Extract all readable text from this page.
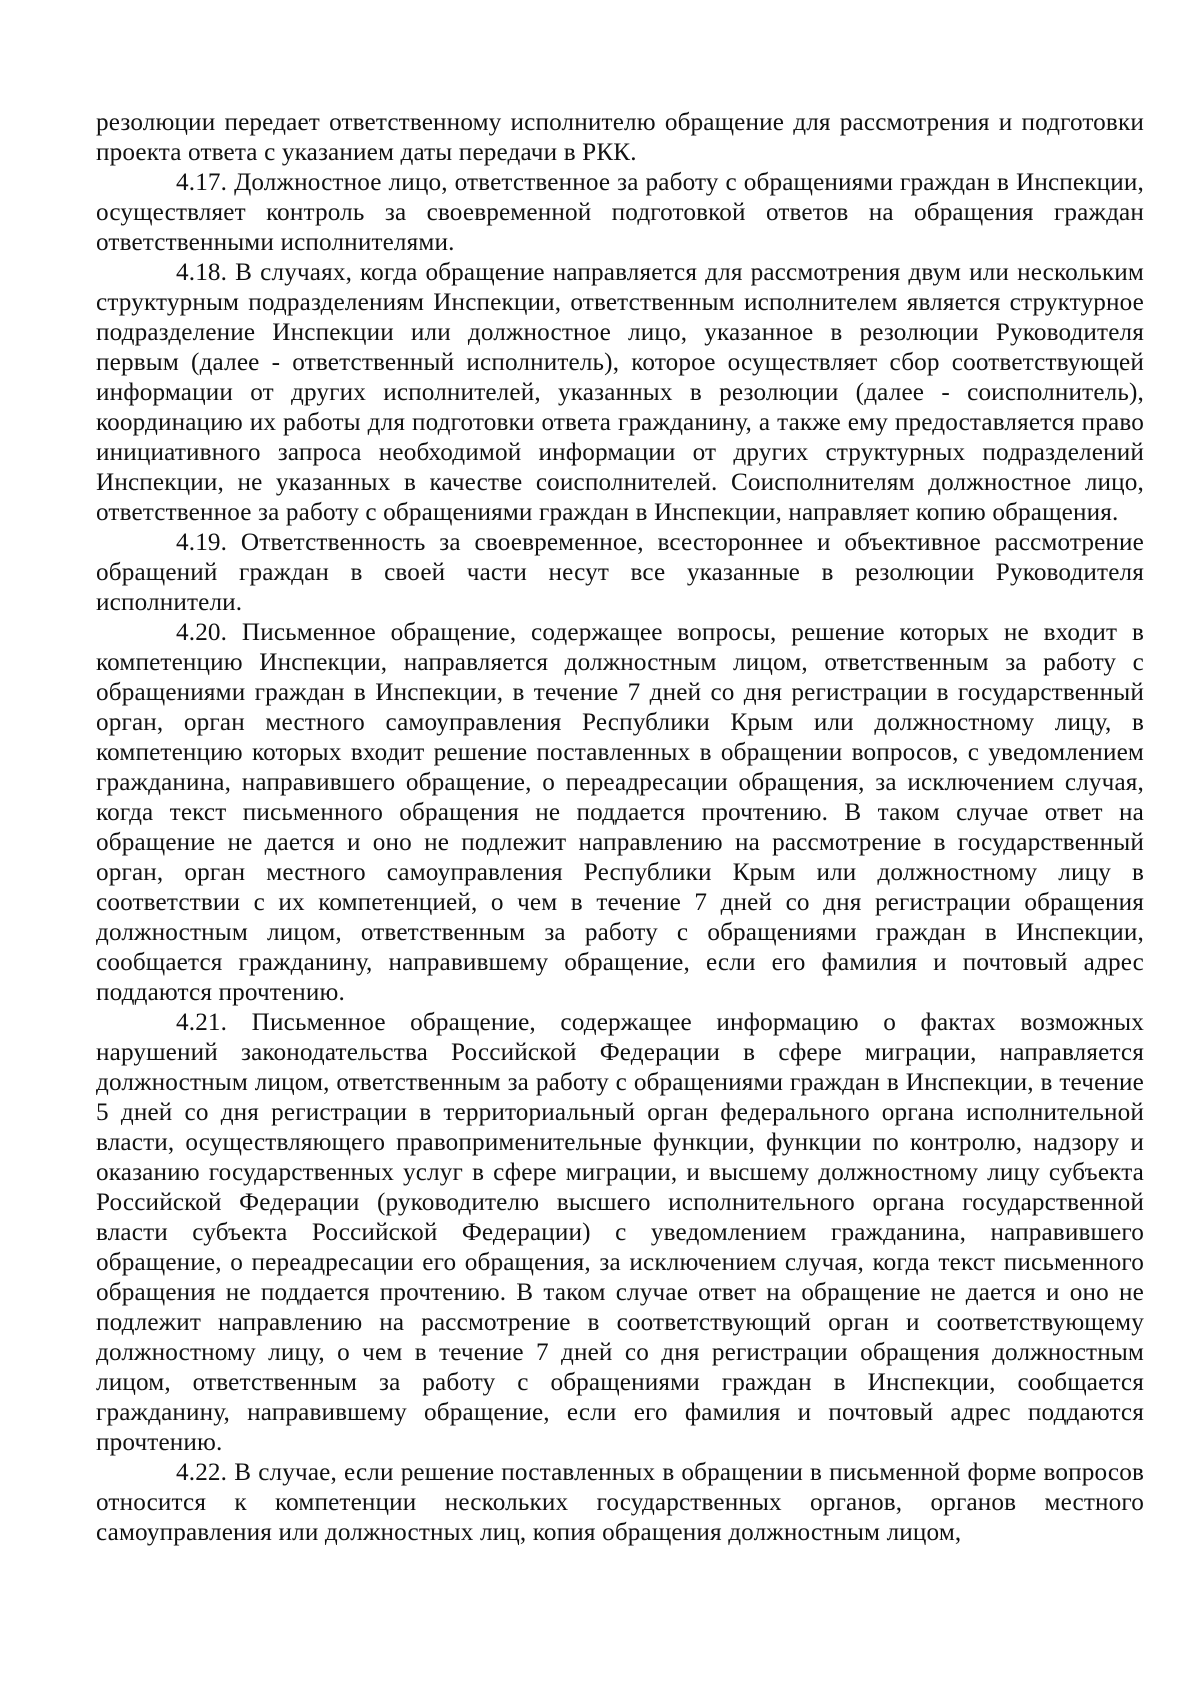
резолюции передает ответственному исполнителю обращение для рассмотрения и подготовки проекта ответа с указанием даты передачи в РКК.

4.17. Должностное лицо, ответственное за работу с обращениями граждан в Инспекции, осуществляет контроль за своевременной подготовкой ответов на обращения граждан ответственными исполнителями.

4.18. В случаях, когда обращение направляется для рассмотрения двум или нескольким структурным подразделениям Инспекции, ответственным исполнителем является структурное подразделение Инспекции или должностное лицо, указанное в резолюции Руководителя первым (далее - ответственный исполнитель), которое осуществляет сбор соответствующей информации от других исполнителей, указанных в резолюции (далее - соисполнитель), координацию их работы для подготовки ответа гражданину, а также ему предоставляется право инициативного запроса необходимой информации от других структурных подразделений Инспекции, не указанных в качестве соисполнителей. Соисполнителям должностное лицо, ответственное за работу с обращениями граждан в Инспекции, направляет копию обращения.

4.19. Ответственность за своевременное, всестороннее и объективное рассмотрение обращений граждан в своей части несут все указанные в резолюции Руководителя исполнители.

4.20. Письменное обращение, содержащее вопросы, решение которых не входит в компетенцию Инспекции, направляется должностным лицом, ответственным за работу с обращениями граждан в Инспекции, в течение 7 дней со дня регистрации в государственный орган, орган местного самоуправления Республики Крым или должностному лицу, в компетенцию которых входит решение поставленных в обращении вопросов, с уведомлением гражданина, направившего обращение, о переадресации обращения, за исключением случая, когда текст письменного обращения не поддается прочтению. В таком случае ответ на обращение не дается и оно не подлежит направлению на рассмотрение в государственный орган, орган местного самоуправления Республики Крым или должностному лицу в соответствии с их компетенцией, о чем в течение 7 дней со дня регистрации обращения должностным лицом, ответственным за работу с обращениями граждан в Инспекции, сообщается гражданину, направившему обращение, если его фамилия и почтовый адрес поддаются прочтению.

4.21. Письменное обращение, содержащее информацию о фактах возможных нарушений законодательства Российской Федерации в сфере миграции, направляется должностным лицом, ответственным за работу с обращениями граждан в Инспекции, в течение 5 дней со дня регистрации в территориальный орган федерального органа исполнительной власти, осуществляющего правоприменительные функции, функции по контролю, надзору и оказанию государственных услуг в сфере миграции, и высшему должностному лицу субъекта Российской Федерации (руководителю высшего исполнительного органа государственной власти субъекта Российской Федерации) с уведомлением гражданина, направившего обращение, о переадресации его обращения, за исключением случая, когда текст письменного обращения не поддается прочтению. В таком случае ответ на обращение не дается и оно не подлежит направлению на рассмотрение в соответствующий орган и соответствующему должностному лицу, о чем в течение 7 дней со дня регистрации обращения должностным лицом, ответственным за работу с обращениями граждан в Инспекции, сообщается гражданину, направившему обращение, если его фамилия и почтовый адрес поддаются прочтению.

4.22. В случае, если решение поставленных в обращении в письменной форме вопросов относится к компетенции нескольких государственных органов, органов местного самоуправления или должностных лиц, копия обращения должностным лицом,
